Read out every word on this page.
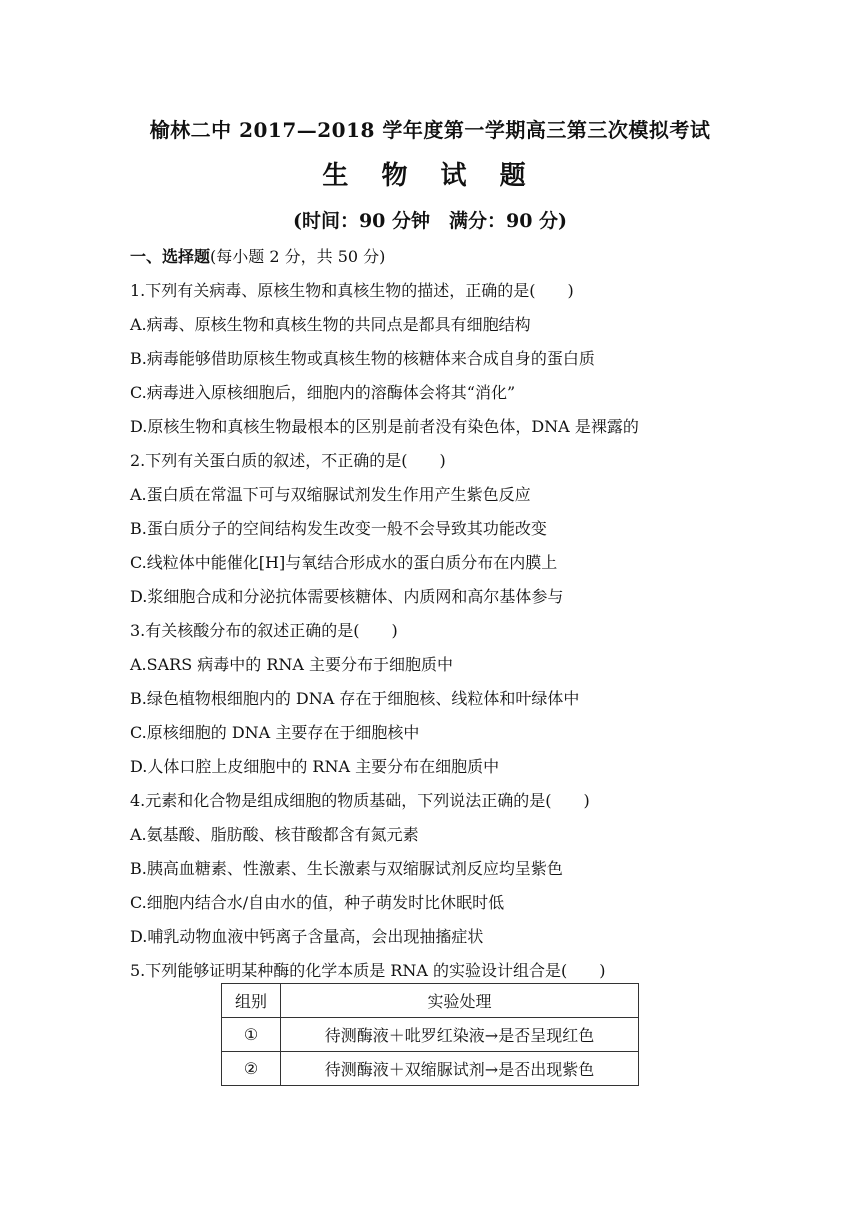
榆林二中 2017—2018 学年度第一学期高三第三次模拟考试
生 物 试 题
(时间：90 分钟　满分：90 分)
一、选择题(每小题 2 分，共 50 分)
1.下列有关病毒、原核生物和真核生物的描述，正确的是(　　)
A.病毒、原核生物和真核生物的共同点是都具有细胞结构
B.病毒能够借助原核生物或真核生物的核糖体来合成自身的蛋白质
C.病毒进入原核细胞后，细胞内的溶酶体会将其“消化”
D.原核生物和真核生物最根本的区别是前者没有染色体，DNA 是裸露的
2.下列有关蛋白质的叙述，不正确的是(　　)
A.蛋白质在常温下可与双缩脲试剂发生作用产生紫色反应
B.蛋白质分子的空间结构发生改变一般不会导致其功能改变
C.线粒体中能催化[H]与氧结合形成水的蛋白质分布在内膜上
D.浆细胞合成和分泌抗体需要核糖体、内质网和高尔基体参与
3.有关核酸分布的叙述正确的是(　　)
A.SARS 病毒中的 RNA 主要分布于细胞质中
B.绿色植物根细胞内的 DNA 存在于细胞核、线粒体和叶绿体中
C.原核细胞的 DNA 主要存在于细胞核中
D.人体口腔上皮细胞中的 RNA 主要分布在细胞质中
4.元素和化合物是组成细胞的物质基础，下列说法正确的是(　　)
A.氨基酸、脂肪酸、核苷酸都含有氮元素
B.胰高血糖素、性激素、生长激素与双缩脲试剂反应均呈紫色
C.细胞内结合水/自由水的值，种子萌发时比休眠时低
D.哺乳动物血液中钙离子含量高，会出现抽搐症状
5.下列能够证明某种酶的化学本质是 RNA 的实验设计组合是(　　)
组别	实验处理
①	待测酶液＋吡罗红染液→是否呈现红色
②	待测酶液＋双缩脲试剂→是否出现紫色
